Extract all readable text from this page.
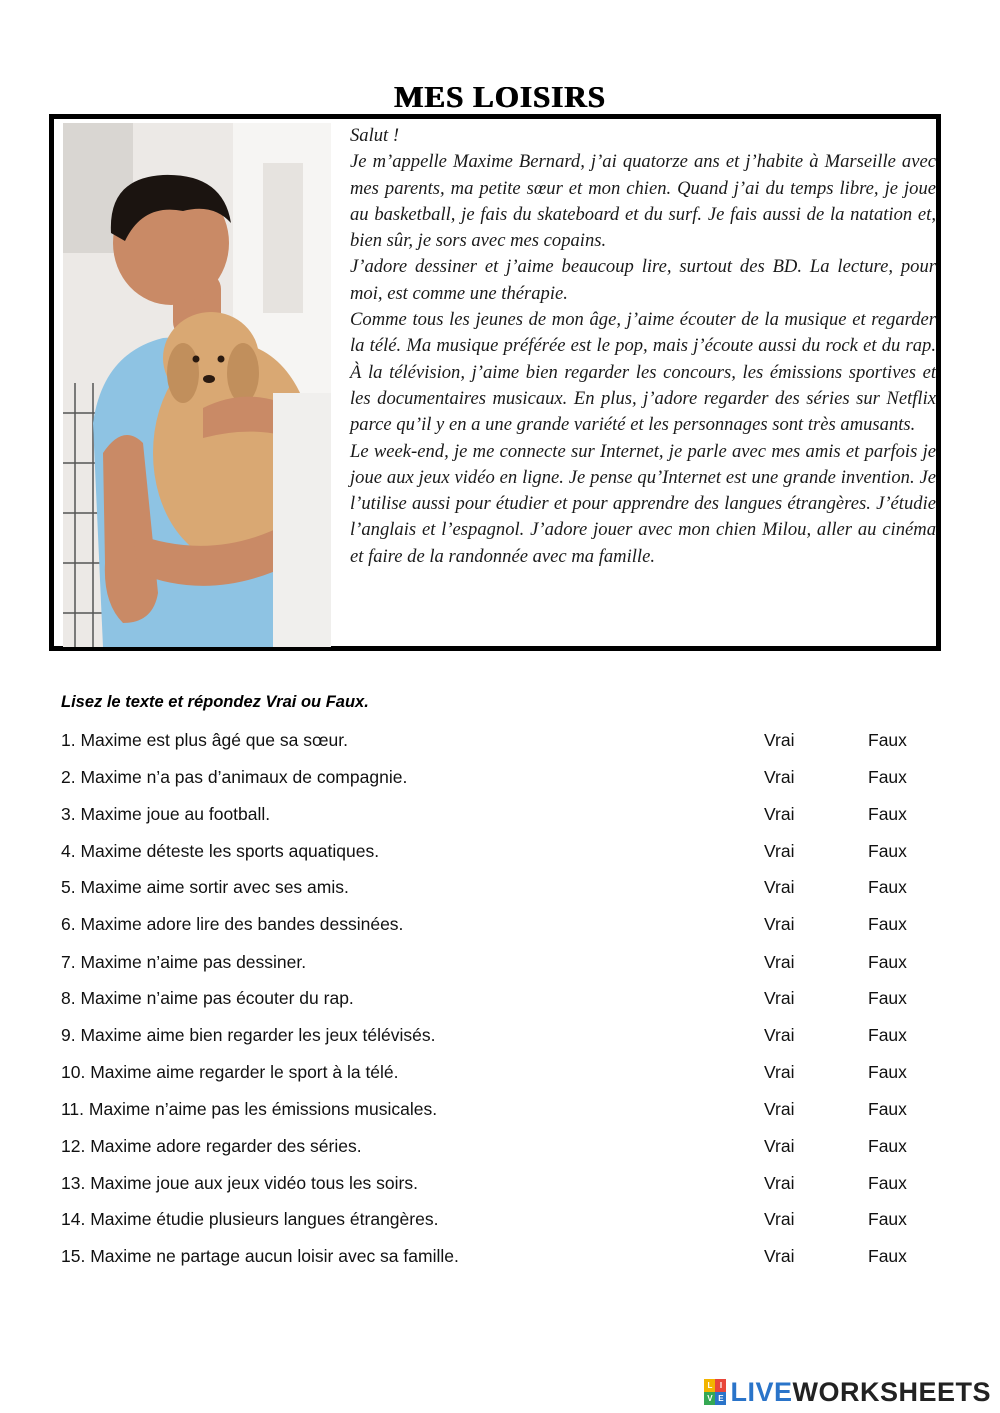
MES LOISIRS

Salut !

Je m’appelle Maxime Bernard, j’ai quatorze ans et j’habite à Marseille avec mes parents, ma petite sœur et mon chien. Quand j’ai du temps libre, je joue au basketball, je fais du skateboard et du surf. Je fais aussi de la natation et, bien sûr, je sors avec mes copains.

J’adore dessiner et j’aime beaucoup lire, surtout des BD. La lecture, pour moi, est comme une thérapie.

Comme tous les jeunes de mon âge, j’aime écouter de la musique et regarder la télé. Ma musique préférée est le pop, mais j’écoute aussi du rock et du rap. À la télévision, j’aime bien regarder les concours, les émissions sportives et les documentaires musicaux. En plus, j’adore regarder des séries sur Netflix parce qu’il y en a une grande variété et les personnages sont très amusants.

Le week-end, je me connecte sur Internet, je parle avec mes amis et parfois je joue aux jeux vidéo en ligne. Je pense qu’Internet est une grande invention. Je l’utilise aussi pour étudier et pour apprendre des langues étrangères. J’étudie l’anglais et l’espagnol. J’adore jouer avec mon chien Milou, aller au cinéma et faire de la randonnée avec ma famille.

Lisez le texte et répondez Vrai ou Faux.
1. Maxime est plus âgé que sa sœur.	Vrai	Faux
2. Maxime n’a pas d’animaux de compagnie.	Vrai	Faux
3. Maxime joue au football.	Vrai	Faux
4. Maxime déteste les sports aquatiques.	Vrai	Faux
5. Maxime aime sortir avec ses amis.	Vrai	Faux
6. Maxime adore lire des bandes dessinées.	Vrai	Faux
7. Maxime n’aime pas dessiner.	Vrai	Faux
8. Maxime n’aime pas écouter du rap.	Vrai	Faux
9. Maxime aime bien regarder les jeux télévisés.	Vrai	Faux
10. Maxime aime regarder le sport à la télé.	Vrai	Faux
11. Maxime n’aime pas les émissions musicales.	Vrai	Faux
12. Maxime adore regarder des séries.	Vrai	Faux
13. Maxime joue aux jeux vidéo tous les soirs.	Vrai	Faux
14. Maxime étudie plusieurs langues étrangères.	Vrai	Faux
15. Maxime ne partage aucun loisir avec sa famille.	Vrai	Faux
L I
V E LIVEWORKSHEETS
